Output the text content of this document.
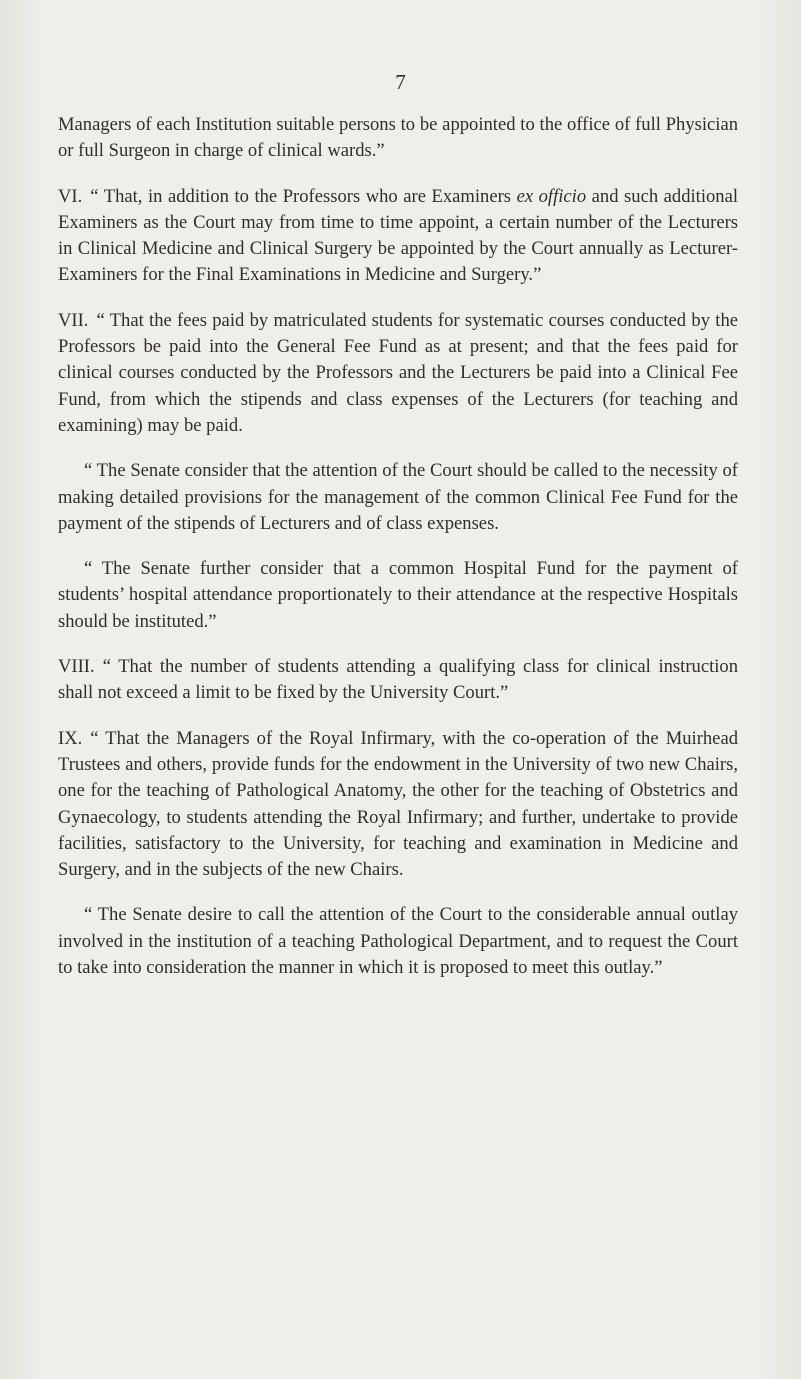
7

Managers of each Institution suitable persons to be appointed to the office of full Physician or full Surgeon in charge of clinical wards.”

VI. “ That, in addition to the Professors who are Examiners ex officio and such additional Examiners as the Court may from time to time appoint, a certain number of the Lecturers in Clinical Medicine and Clinical Surgery be appointed by the Court annually as Lecturer-Examiners for the Final Examinations in Medicine and Surgery.”

VII. “ That the fees paid by matriculated students for systematic courses conducted by the Professors be paid into the General Fee Fund as at present; and that the fees paid for clinical courses conducted by the Professors and the Lecturers be paid into a Clinical Fee Fund, from which the stipends and class expenses of the Lecturers (for teaching and examining) may be paid.

“ The Senate consider that the attention of the Court should be called to the necessity of making detailed provisions for the management of the common Clinical Fee Fund for the payment of the stipends of Lecturers and of class expenses.

“ The Senate further consider that a common Hospital Fund for the payment of students’ hospital attendance proportionately to their attendance at the respective Hospitals should be instituted.”

VIII. “ That the number of students attending a qualifying class for clinical instruction shall not exceed a limit to be fixed by the University Court.”

IX. “ That the Managers of the Royal Infirmary, with the co-operation of the Muirhead Trustees and others, provide funds for the endowment in the University of two new Chairs, one for the teaching of Pathological Anatomy, the other for the teaching of Obstetrics and Gynaecology, to students attending the Royal Infirmary; and further, undertake to provide facilities, satisfactory to the University, for teaching and examination in Medicine and Surgery, and in the subjects of the new Chairs.

“ The Senate desire to call the attention of the Court to the considerable annual outlay involved in the institution of a teaching Pathological Department, and to request the Court to take into consideration the manner in which it is proposed to meet this outlay.”
